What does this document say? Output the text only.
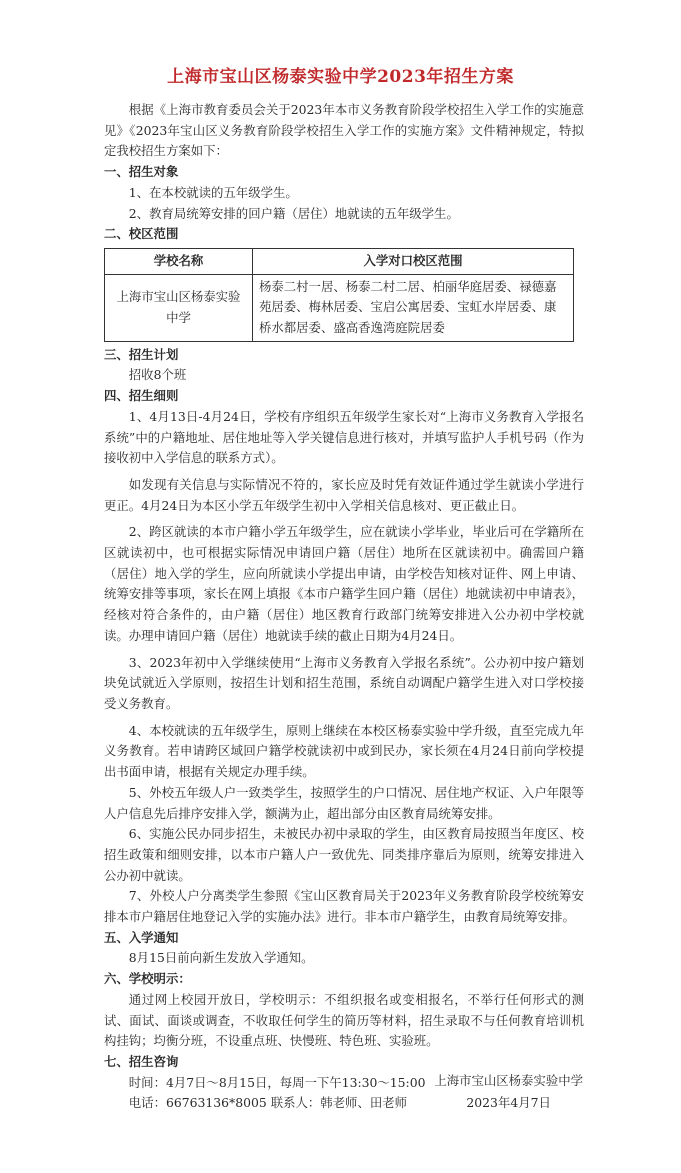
上海市宝山区杨泰实验中学2023年招生方案

根据《上海市教育委员会关于2023年本市义务教育阶段学校招生入学工作的实施意见》《2023年宝山区义务教育阶段学校招生入学工作的实施方案》文件精神规定，特拟定我校招生方案如下：

一、招生对象

1、在本校就读的五年级学生。

2、教育局统筹安排的回户籍（居住）地就读的五年级学生。

二、校区范围

学校名称	入学对口校区范围
上海市宝山区杨泰实验中学	杨泰二村一居、杨泰二村二居、柏丽华庭居委、禄德嘉苑居委、梅林居委、宝启公寓居委、宝虹水岸居委、康桥水都居委、盛高香逸湾庭院居委

三、招生计划

招收8个班

四、招生细则

1、4月13日-4月24日，学校有序组织五年级学生家长对“上海市义务教育入学报名系统”中的户籍地址、居住地址等入学关键信息进行核对，并填写监护人手机号码（作为接收初中入学信息的联系方式）。

如发现有关信息与实际情况不符的，家长应及时凭有效证件通过学生就读小学进行更正。4月24日为本区小学五年级学生初中入学相关信息核对、更正截止日。

2、跨区就读的本市户籍小学五年级学生，应在就读小学毕业，毕业后可在学籍所在区就读初中，也可根据实际情况申请回户籍（居住）地所在区就读初中。确需回户籍（居住）地入学的学生，应向所就读小学提出申请，由学校告知核对证件、网上申请、统筹安排等事项，家长在网上填报《本市户籍学生回户籍（居住）地就读初中申请表》，经核对符合条件的，由户籍（居住）地区教育行政部门统筹安排进入公办初中学校就读。办理申请回户籍（居住）地就读手续的截止日期为4月24日。

3、2023年初中入学继续使用“上海市义务教育入学报名系统”。公办初中按户籍划块免试就近入学原则，按招生计划和招生范围，系统自动调配户籍学生进入对口学校接受义务教育。

4、本校就读的五年级学生，原则上继续在本校区杨泰实验中学升级，直至完成九年义务教育。若申请跨区域回户籍学校就读初中或到民办，家长须在4月24日前向学校提出书面申请，根据有关规定办理手续。

5、外校五年级人户一致类学生，按照学生的户口情况、居住地产权证、入户年限等人户信息先后排序安排入学，额满为止，超出部分由区教育局统筹安排。

6、实施公民办同步招生，未被民办初中录取的学生，由区教育局按照当年度区、校招生政策和细则安排，以本市户籍人户一致优先、同类排序靠后为原则，统筹安排进入公办初中就读。

7、外校人户分离类学生参照《宝山区教育局关于2023年义务教育阶段学校统筹安排本市户籍居住地登记入学的实施办法》进行。非本市户籍学生，由教育局统筹安排。

五、入学通知

8月15日前向新生发放入学通知。

六、学校明示：

通过网上校园开放日，学校明示：不组织报名或变相报名，不举行任何形式的测试、面试、面谈或调查，不收取任何学生的简历等材料，招生录取不与任何教育培训机构挂钩；均衡分班，不设重点班、快慢班、特色班、实验班。

七、招生咨询

时间：4月7日～8月15日，每周一下午13:30～15:00

电话：66763136*8005 联系人：韩老师、田老师

上海市宝山区杨泰实验中学
2023年4月7日
